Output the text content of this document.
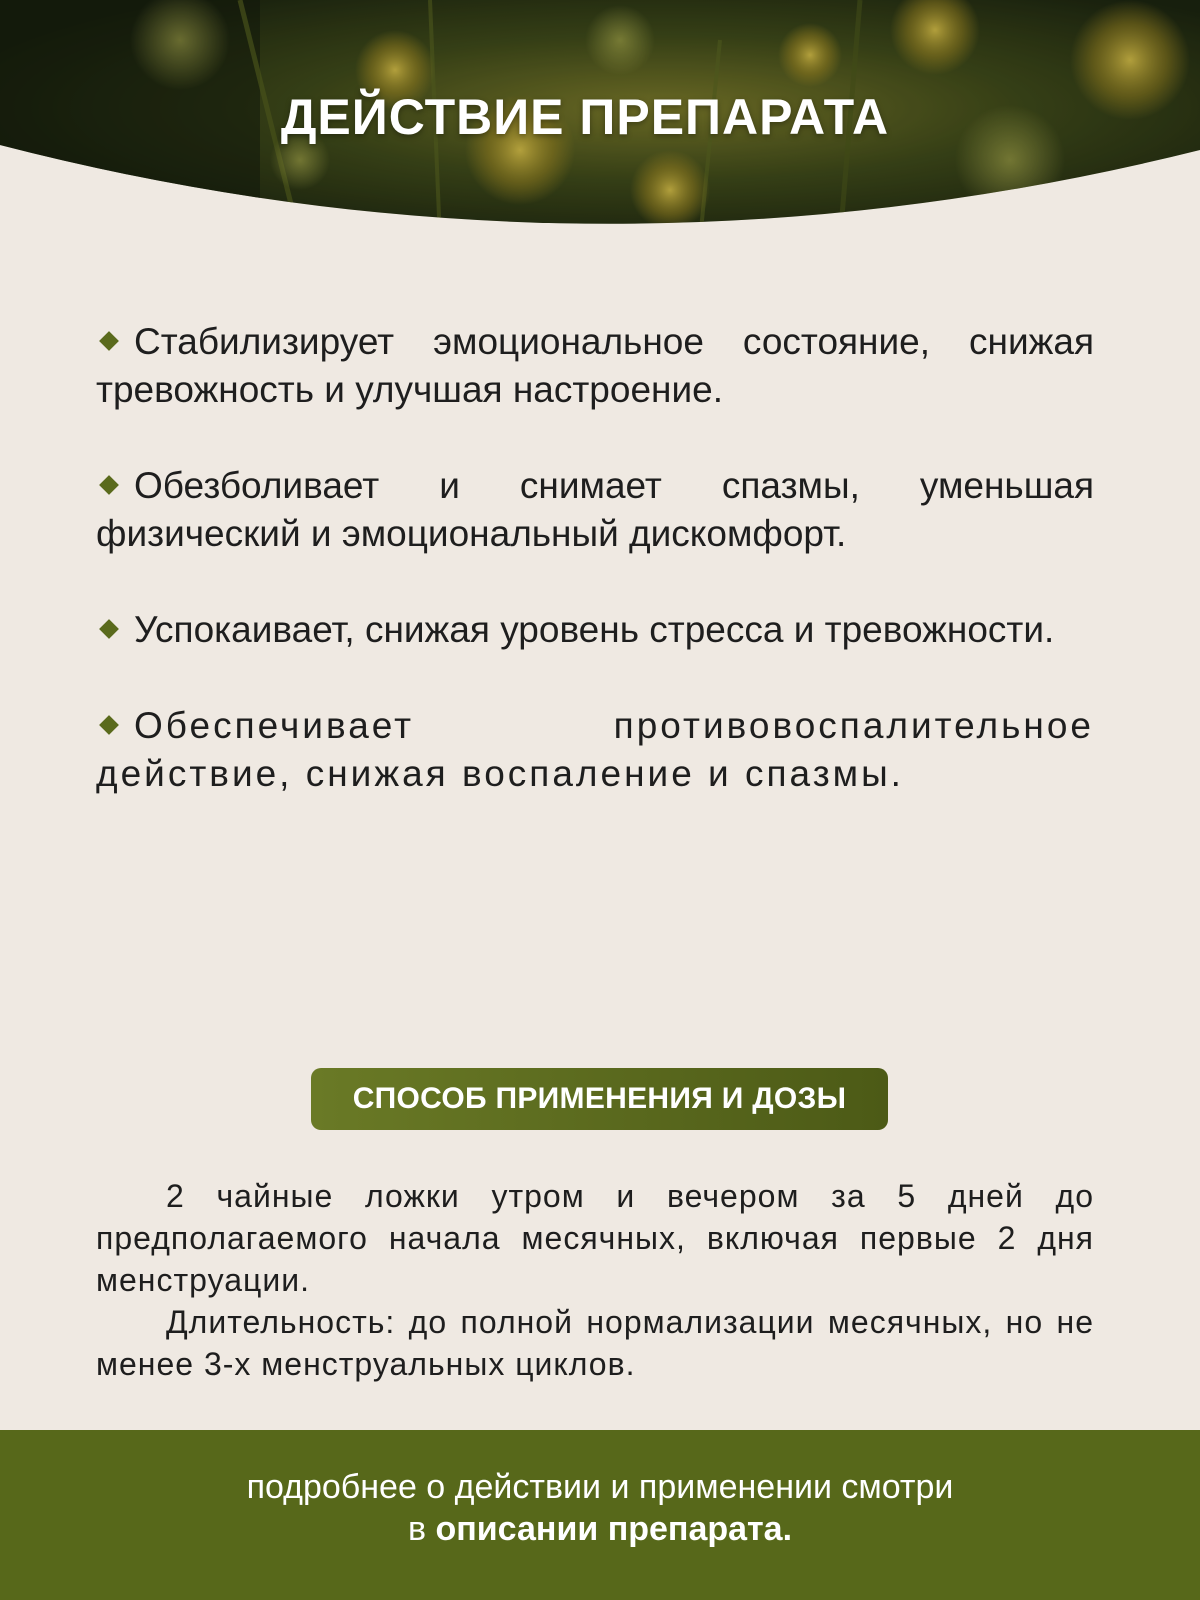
ДЕЙСТВИЕ ПРЕПАРАТА

Стабилизирует эмоциональное состояние, снижая тревожность и улучшая настроение.

Обезболивает и снимает спазмы, уменьшая физический и эмоциональный дискомфорт.

Успокаивает, снижая уровень стресса и тревожности.

Обеспечивает противовоспалительное действие, снижая воспаление и спазмы.

СПОСОБ ПРИМЕНЕНИЯ И ДОЗЫ

2 чайные ложки утром и вечером за 5 дней до предполагаемого начала месячных, включая первые 2 дня менструации.

Длительность: до полной нормализации месячных, но не менее 3-х менструальных циклов.

подробнее о действии и применении смотри
в описании препарата.
